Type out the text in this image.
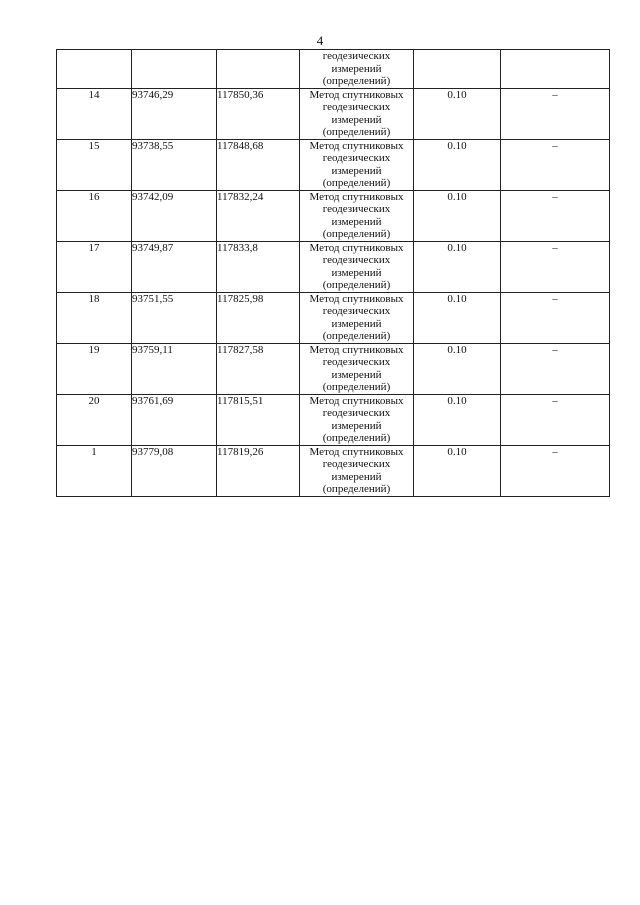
4

			геодезических
измерений
(определений)		

14	93746,29	117850,36	Метод спутниковых
геодезических
измерений
(определений)	0.10	–
15	93738,55	117848,68	Метод спутниковых
геодезических
измерений
(определений)	0.10	–
16	93742,09	117832,24	Метод спутниковых
геодезических
измерений
(определений)	0.10	–
17	93749,87	117833,8	Метод спутниковых
геодезических
измерений
(определений)	0.10	–
18	93751,55	117825,98	Метод спутниковых
геодезических
измерений
(определений)	0.10	–
19	93759,11	117827,58	Метод спутниковых
геодезических
измерений
(определений)	0.10	–
20	93761,69	117815,51	Метод спутниковых
геодезических
измерений
(определений)	0.10	–
1	93779,08	117819,26	Метод спутниковых
геодезических
измерений
(определений)	0.10	–
